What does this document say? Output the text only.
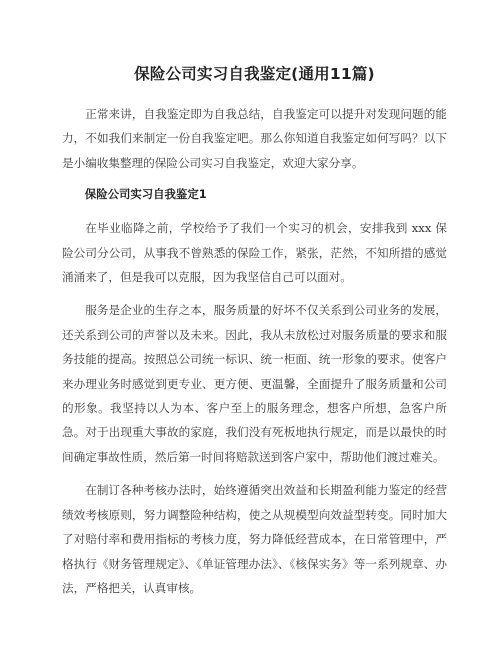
保险公司实习自我鉴定(通用11篇)

正常来讲，自我鉴定即为自我总结，自我鉴定可以提升对发现问题的能力，不如我们来制定一份自我鉴定吧。那么你知道自我鉴定如何写吗？以下是小编收集整理的保险公司实习自我鉴定，欢迎大家分享。

保险公司实习自我鉴定1

在毕业临降之前，学校给予了我们一个实习的机会，安排我到 xxx 保险公司分公司，从事我不曾熟悉的保险工作，紧张，茫然，不知所措的感觉涌涌来了，但是我可以克服，因为我坚信自己可以面对。

服务是企业的生存之本，服务质量的好坏不仅关系到公司业务的发展，还关系到公司的声誉以及未来。因此，我从未放松过对服务质量的要求和服务技能的提高。按照总公司统一标识、统一柜面、统一形象的要求。使客户来办理业务时感觉到更专业、更方便、更温馨，全面提升了服务质量和公司的形象。我坚持以人为本、客户至上的服务理念，想客户所想，急客户所急。对于出现重大事故的家庭，我们没有死板地执行规定，而是以最快的时间确定事故性质，然后第一时间将赔款送到客户家中，帮助他们渡过难关。

在制订各种考核办法时，始终遵循突出效益和长期盈利能力鉴定的经营绩效考核原则，努力调整险种结构，使之从规模型向效益型转变。同时加大了对赔付率和费用指标的考核力度，努力降低经营成本，在日常管理中，严格执行《财务管理规定》、《单证管理办法》、《核保实务》等一系列规章、办法，严格把关，认真审核。
